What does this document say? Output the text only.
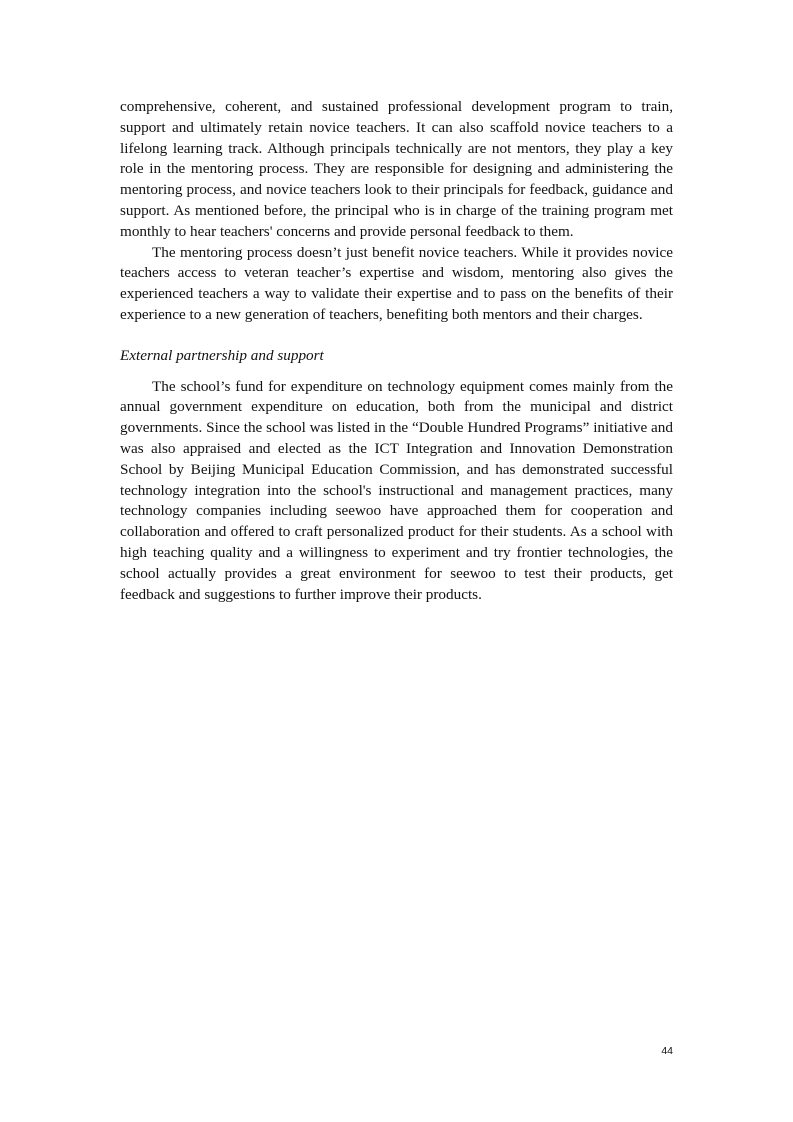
comprehensive, coherent, and sustained professional development program to train, support and ultimately retain novice teachers. It can also scaffold novice teachers to a lifelong learning track. Although principals technically are not mentors, they play a key role in the mentoring process. They are responsible for designing and administering the mentoring process, and novice teachers look to their principals for feedback, guidance and support. As mentioned before, the principal who is in charge of the training program met monthly to hear teachers' concerns and provide personal feedback to them.

The mentoring process doesn’t just benefit novice teachers. While it provides novice teachers access to veteran teacher’s expertise and wisdom, mentoring also gives the experienced teachers a way to validate their expertise and to pass on the benefits of their experience to a new generation of teachers, benefiting both mentors and their charges.

External partnership and support

The school’s fund for expenditure on technology equipment comes mainly from the annual government expenditure on education, both from the municipal and district governments. Since the school was listed in the “Double Hundred Programs” initiative and was also appraised and elected as the ICT Integration and Innovation Demonstration School by Beijing Municipal Education Commission, and has demonstrated successful technology integration into the school's instructional and management practices, many technology companies including seewoo have approached them for cooperation and collaboration and offered to craft personalized product for their students. As a school with high teaching quality and a willingness to experiment and try frontier technologies, the school actually provides a great environment for seewoo to test their products, get feedback and suggestions to further improve their products.

44
